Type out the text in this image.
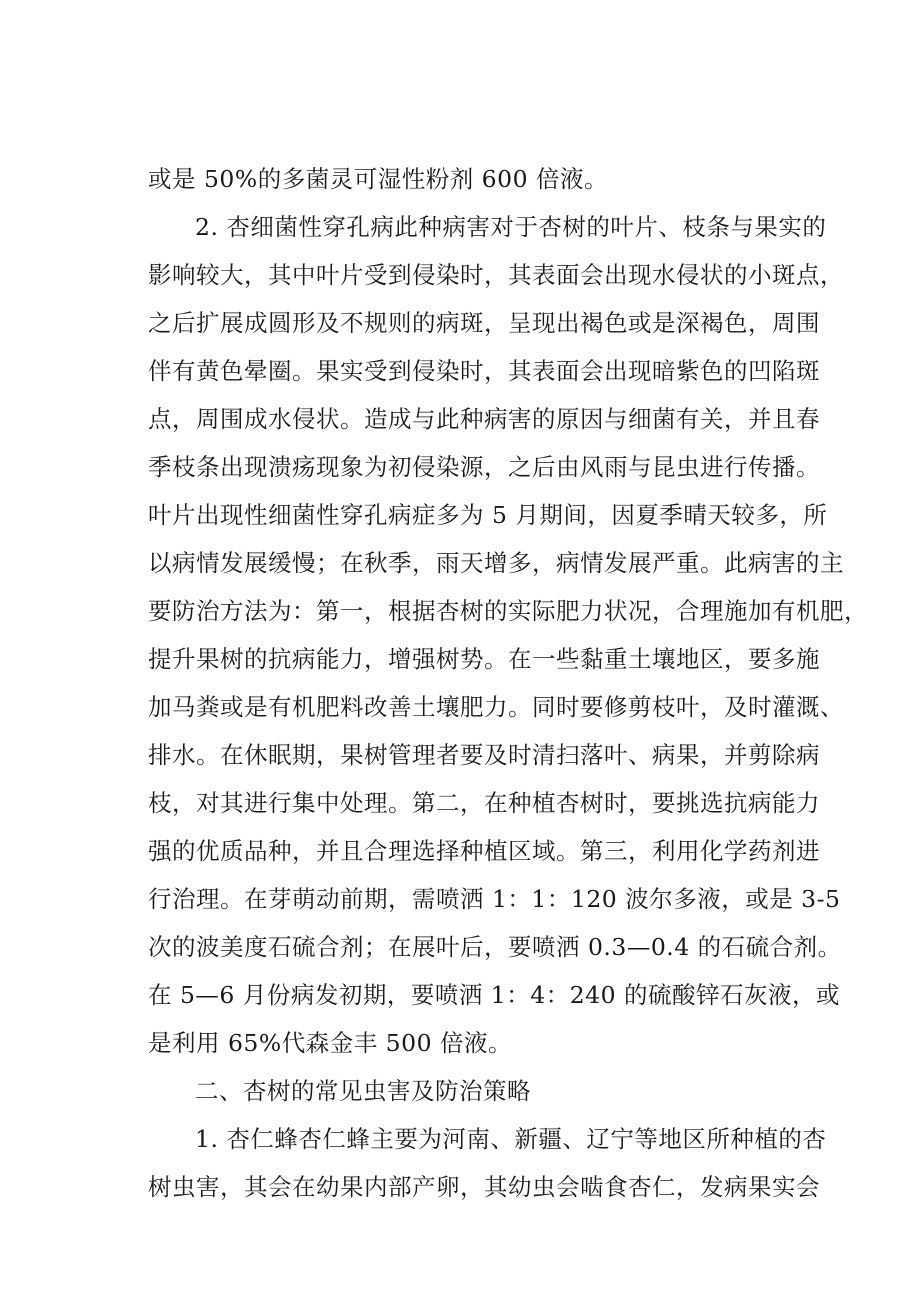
或是 50%的多菌灵可湿性粉剂 600 倍液。
2. 杏细菌性穿孔病此种病害对于杏树的叶片、枝条与果实的
影响较大，其中叶片受到侵染时，其表面会出现水侵状的小斑点，
之后扩展成圆形及不规则的病斑，呈现出褐色或是深褐色，周围
伴有黄色晕圈。果实受到侵染时，其表面会出现暗紫色的凹陷斑
点，周围成水侵状。造成与此种病害的原因与细菌有关，并且春
季枝条出现溃疡现象为初侵染源，之后由风雨与昆虫进行传播。
叶片出现性细菌性穿孔病症多为 5 月期间，因夏季晴天较多，所
以病情发展缓慢；在秋季，雨天增多，病情发展严重。此病害的主
要防治方法为：第一，根据杏树的实际肥力状况，合理施加有机肥，
提升果树的抗病能力，增强树势。在一些黏重土壤地区，要多施
加马粪或是有机肥料改善土壤肥力。同时要修剪枝叶，及时灌溉、
排水。在休眠期，果树管理者要及时清扫落叶、病果，并剪除病
枝，对其进行集中处理。第二，在种植杏树时，要挑选抗病能力
强的优质品种，并且合理选择种植区域。第三，利用化学药剂进
行治理。在芽萌动前期，需喷洒 1：1：120 波尔多液，或是 3-5
次的波美度石硫合剂；在展叶后，要喷洒 0.3—0.4 的石硫合剂。
在 5—6 月份病发初期，要喷洒 1：4：240 的硫酸锌石灰液，或
是利用 65%代森金丰 500 倍液。
二、杏树的常见虫害及防治策略
1. 杏仁蜂杏仁蜂主要为河南、新疆、辽宁等地区所种植的杏
树虫害，其会在幼果内部产卵，其幼虫会啮食杏仁，发病果实会
